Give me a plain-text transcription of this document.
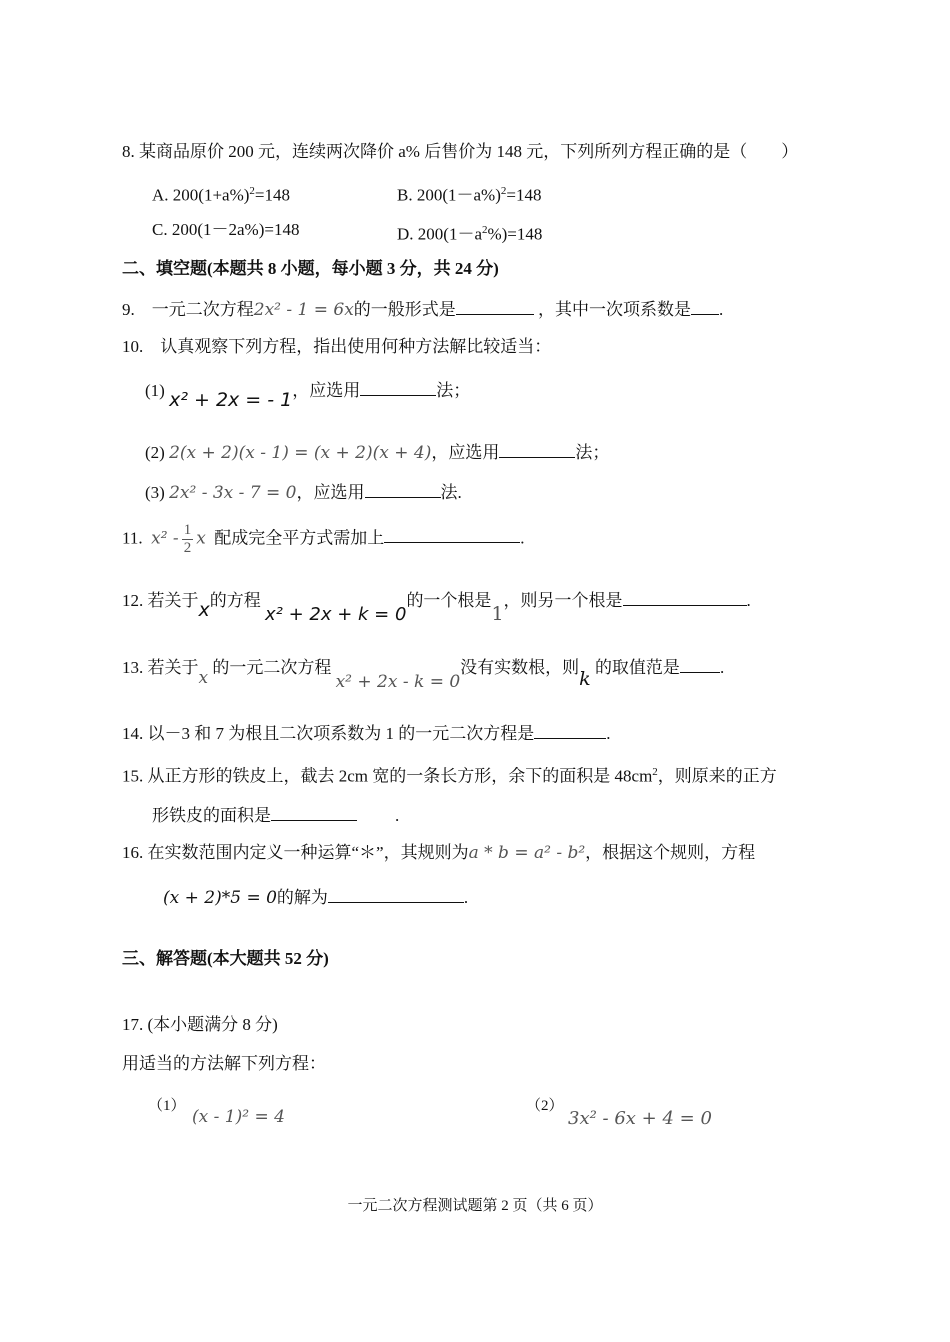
8. 某商品原价 200 元，连续两次降价 a% 后售价为 148 元，下列所列方程正确的是（　　）
A. $200(1+a\%)^2=148$	B. $200(1-a\%)^2=148$
C. 200(1－2a%)=148	D. $200(1-a^2\%)=148$
二、填空题(本题共 8 小题，每小题 3 分，共 24 分)
9.　一元二次方程2x² - 1 = 6x的一般形式是	，其中一次项系数是 .
10.　认真观察下列方程，指出使用何种方法解比较适当：
(1) x² + 2x = - 1，应选用	法；
(2) 2(x + 2)(x - 1) = (x + 2)(x + 4)，应选用	法；
(3) 2x² - 3x - 7 = 0，应选用	法.
11. $x^2 - \frac{1}{2}$ x 配成完全平方式需加上	.
12. 若关于x的方程 x² + 2x + k = 0的一个根是1，则另一个根是	.
13. 若关于x 的一元二次方程 x² + 2x - k = 0没有实数根，则k 的取值范是 .
14. 以－3 和 7 为根且二次项系数为 1 的一元二次方程是	.
15. 从正方形的铁皮上，截去 2cm 宽的一条长方形，余下的面积是 $48cm^2$，则原来的正方
形铁皮的面积是	.
16. 在实数范围内定义一种运算“＊”，其规则为a * b = a² - b²，根据这个规则，方程
(x + 2)*5 = 0的解为	.
三、解答题(本大题共 52 分)
17. (本小题满分 8 分)
用适当的方法解下列方程：
（1）
(x - 1)² = 4
（2）
3x² - 6x + 4 = 0
一元二次方程测试题第 2 页（共 6 页）
